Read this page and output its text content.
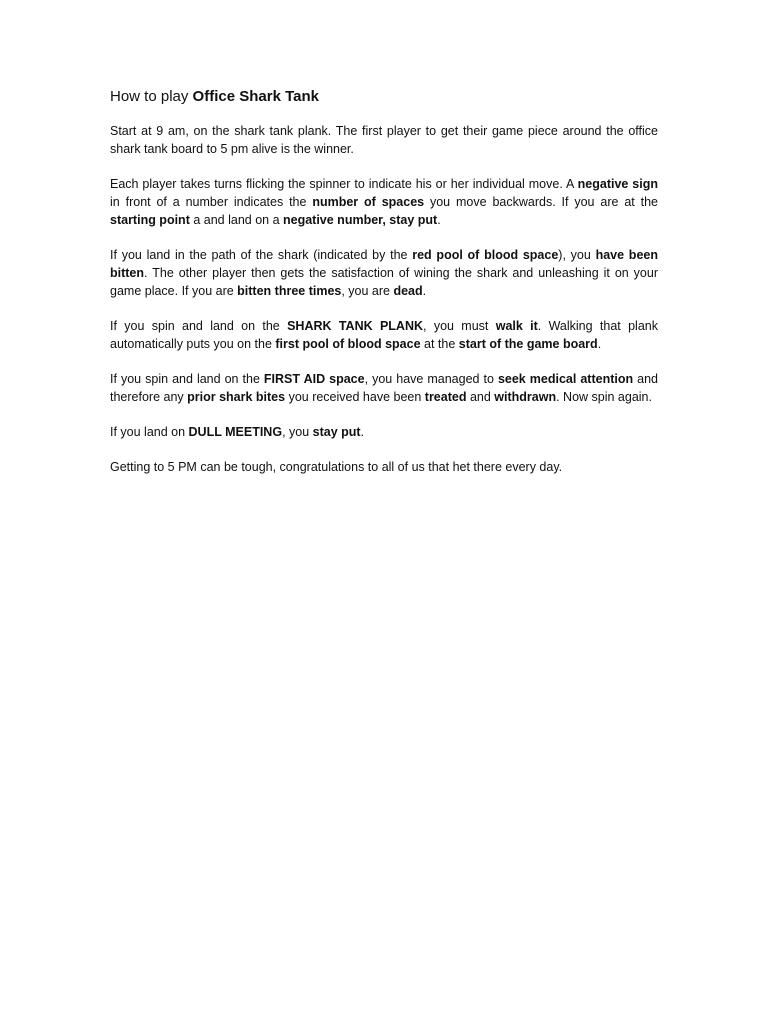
How to play Office Shark Tank

Start at 9 am, on the shark tank plank. The first player to get their game piece around the office shark tank board to 5 pm alive is the winner.

Each player takes turns flicking the spinner to indicate his or her individual move. A negative sign in front of a number indicates the number of spaces you move backwards. If you are at the starting point a and land on a negative number, stay put.

If you land in the path of the shark (indicated by the red pool of blood space), you have been bitten. The other player then gets the satisfaction of wining the shark and unleashing it on your game place. If you are bitten three times, you are dead.

If you spin and land on the SHARK TANK PLANK, you must walk it. Walking that plank automatically puts you on the first pool of blood space at the start of the game board.

If you spin and land on the FIRST AID space, you have managed to seek medical attention and therefore any prior shark bites you received have been treated and withdrawn. Now spin again.

If you land on DULL MEETING, you stay put.

Getting to 5 PM can be tough, congratulations to all of us that het there every day.
